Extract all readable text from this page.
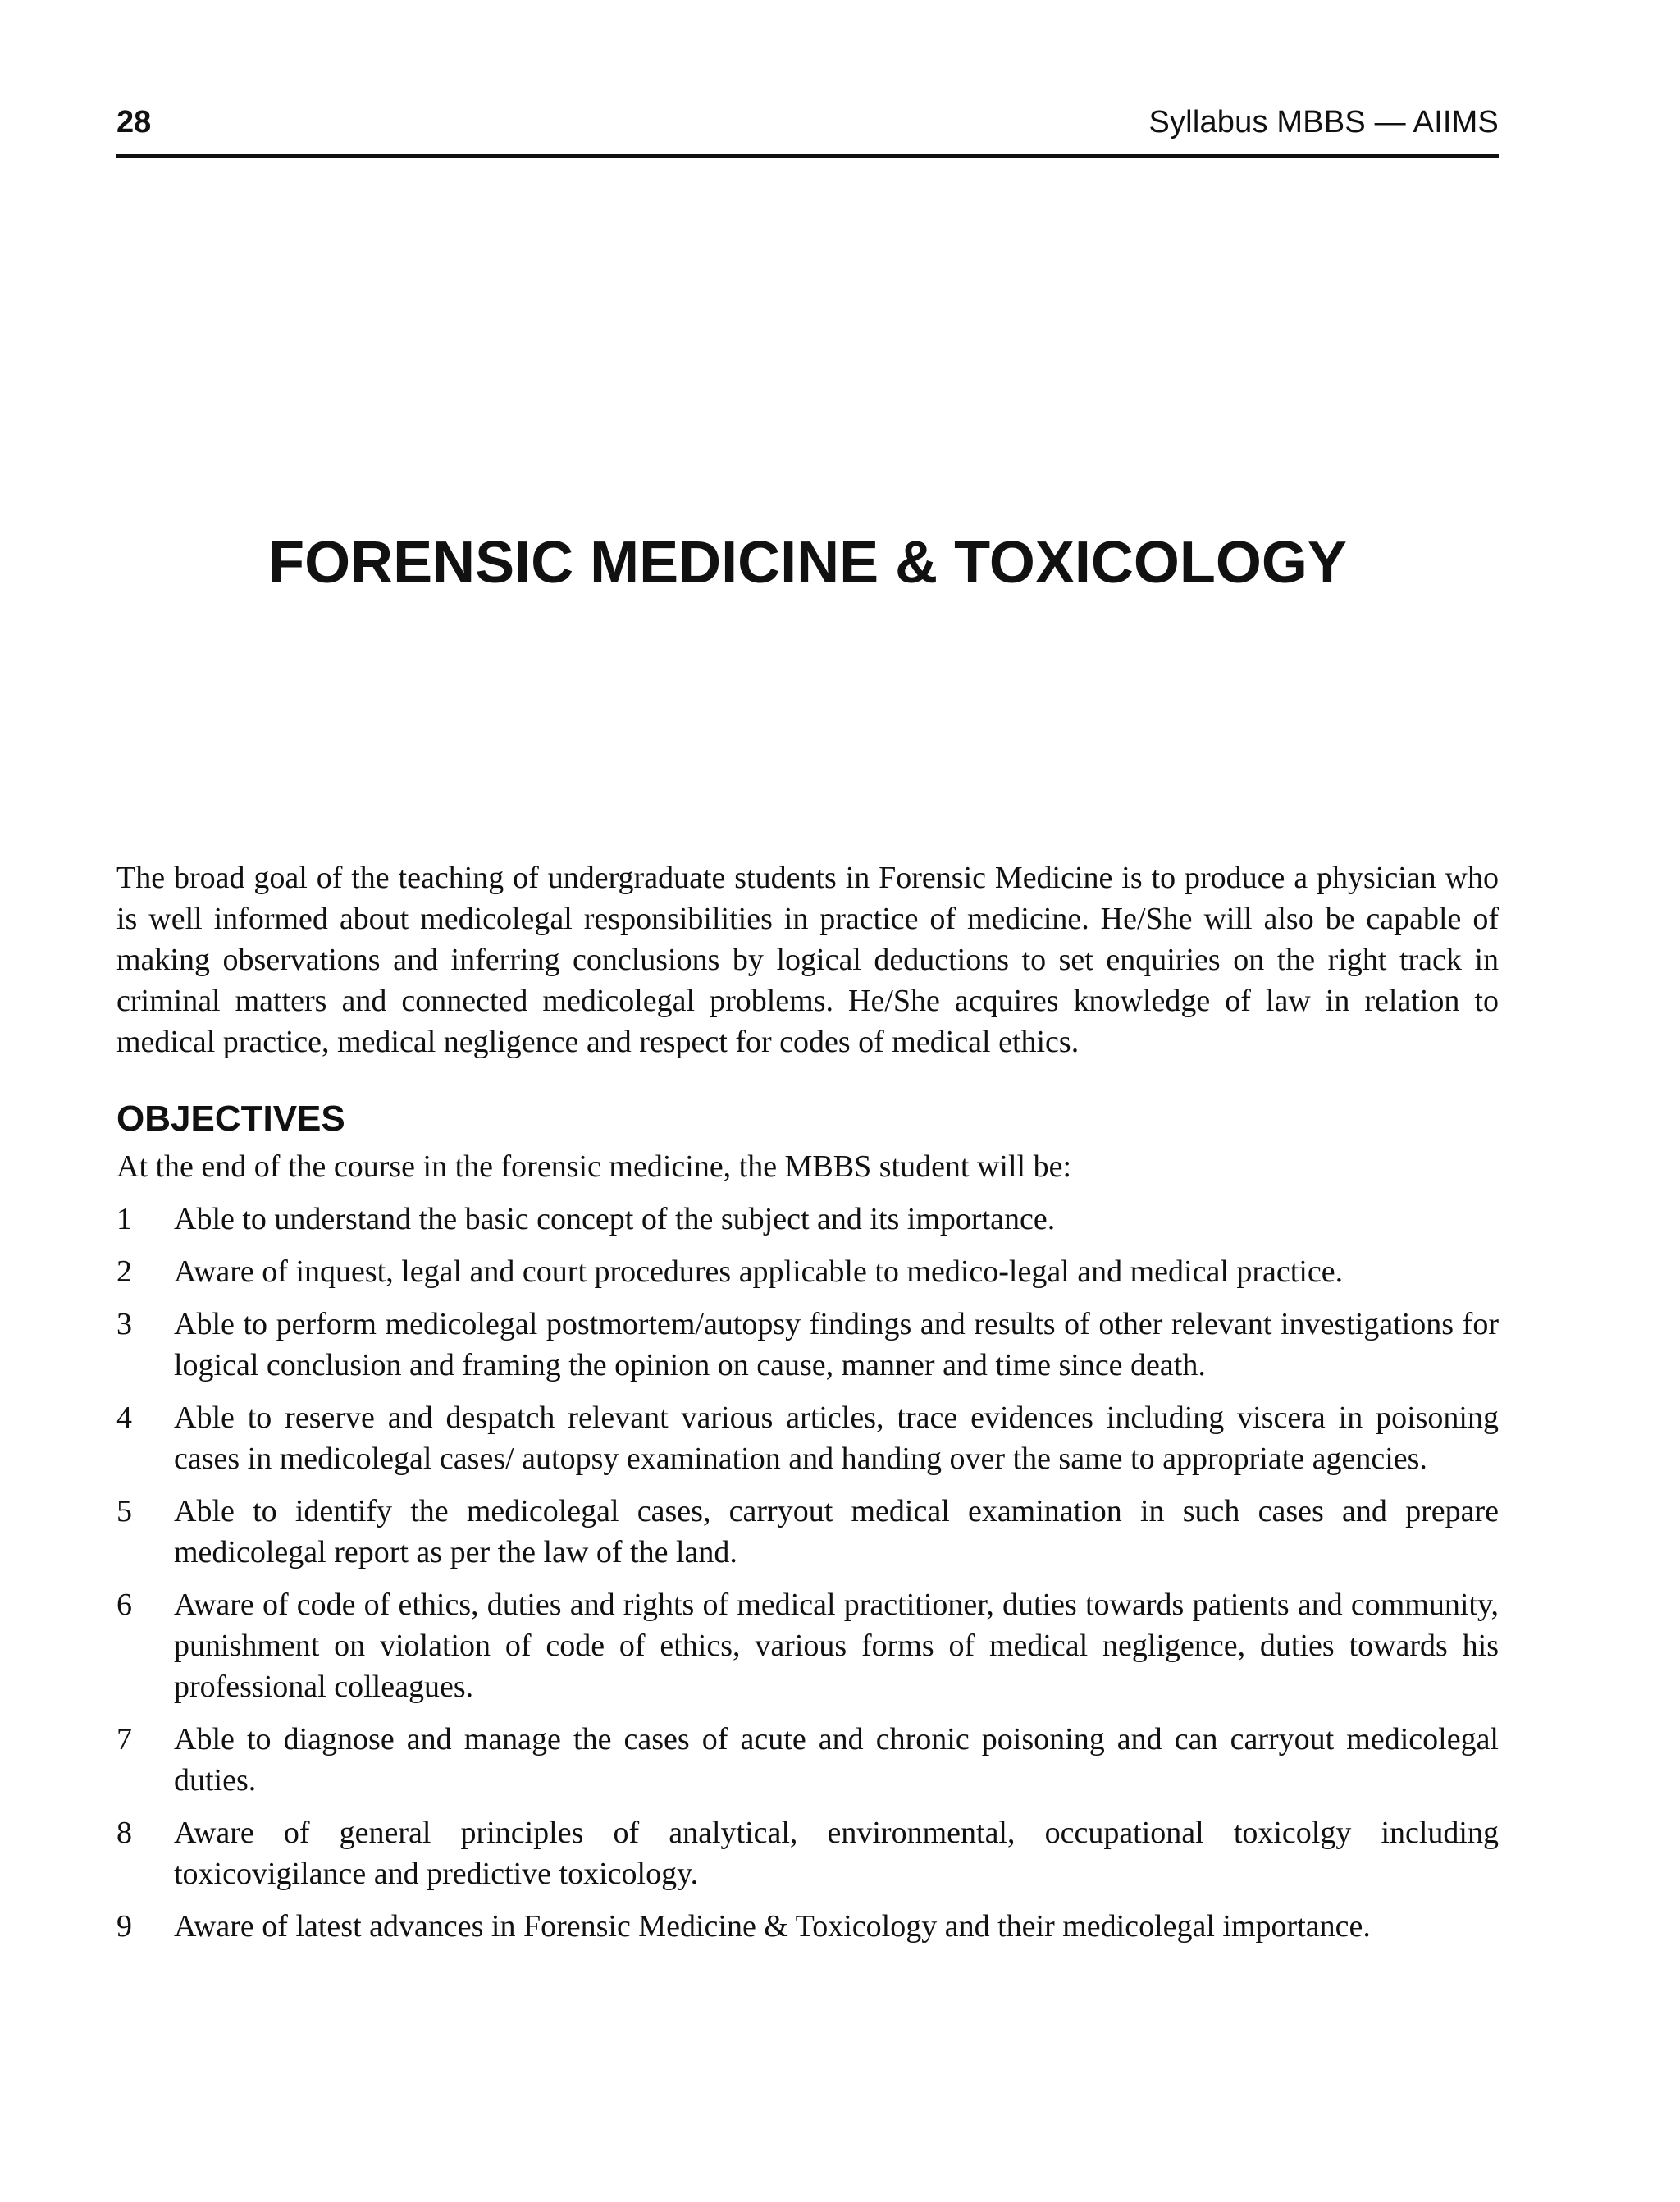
28	Syllabus MBBS — AIIMS
FORENSIC MEDICINE & TOXICOLOGY

The broad goal of the teaching of undergraduate students in Forensic Medicine is to produce a physician who is well informed about medicolegal responsibilities in practice of medicine. He/She will also be capable of making observations and inferring conclusions by logical deductions to set enquiries on the right track in criminal matters and connected medicolegal problems. He/She acquires knowledge of law in relation to medical practice, medical negligence and respect for codes of medical ethics.

OBJECTIVES

At the end of the course in the forensic medicine, the MBBS student will be:

1	Able to understand the basic concept of the subject and its importance.
2	Aware of inquest, legal and court procedures applicable to medico-legal and medical practice.
3	Able to perform medicolegal postmortem/autopsy findings and results of other relevant investigations for logical conclusion and framing the opinion on cause, manner and time since death.
4	Able to reserve and despatch relevant various articles, trace evidences including viscera in poisoning cases in medicolegal cases/ autopsy examination and handing over the same to appropriate agencies.
5	Able to identify the medicolegal cases, carryout medical examination in such cases and prepare medicolegal report as per the law of the land.
6	Aware of code of ethics, duties and rights of medical practitioner, duties towards patients and community, punishment on violation of code of ethics, various forms of medical negligence, duties towards his professional colleagues.
7	Able to diagnose and manage the cases of acute and chronic poisoning and can carryout medicolegal duties.
8	Aware of general principles of analytical, environmental, occupational toxicolgy including toxicovigilance and predictive toxicology.
9	Aware of latest advances in Forensic Medicine & Toxicology and their medicolegal importance.
